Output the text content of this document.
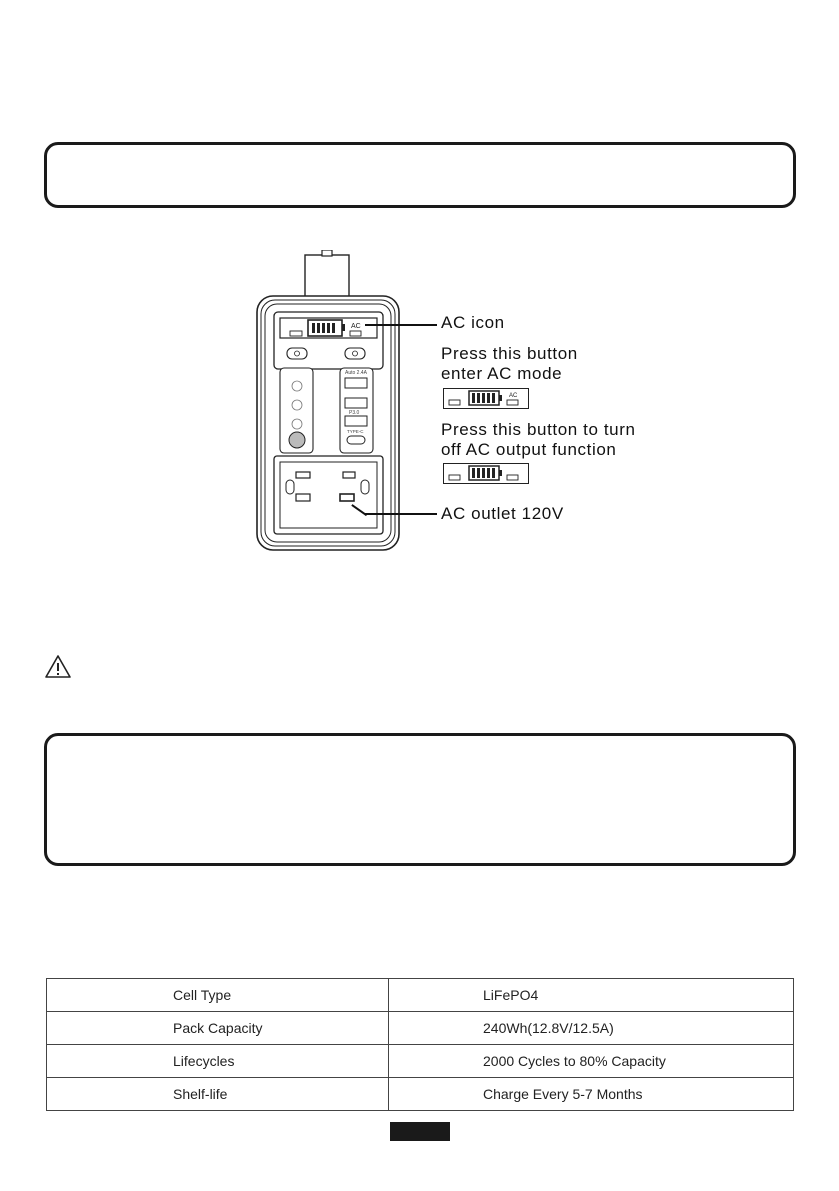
AC
Auto 2.4A
P3.0
TYPE-C
AC icon
Press this button
enter AC mode
Press this button to turn
off AC output function
AC outlet 120V
AC
Cell Type	LiFePO4
Pack Capacity	240Wh(12.8V/12.5A)
Lifecycles	2000 Cycles to 80% Capacity
Shelf-life	Charge Every 5-7 Months
